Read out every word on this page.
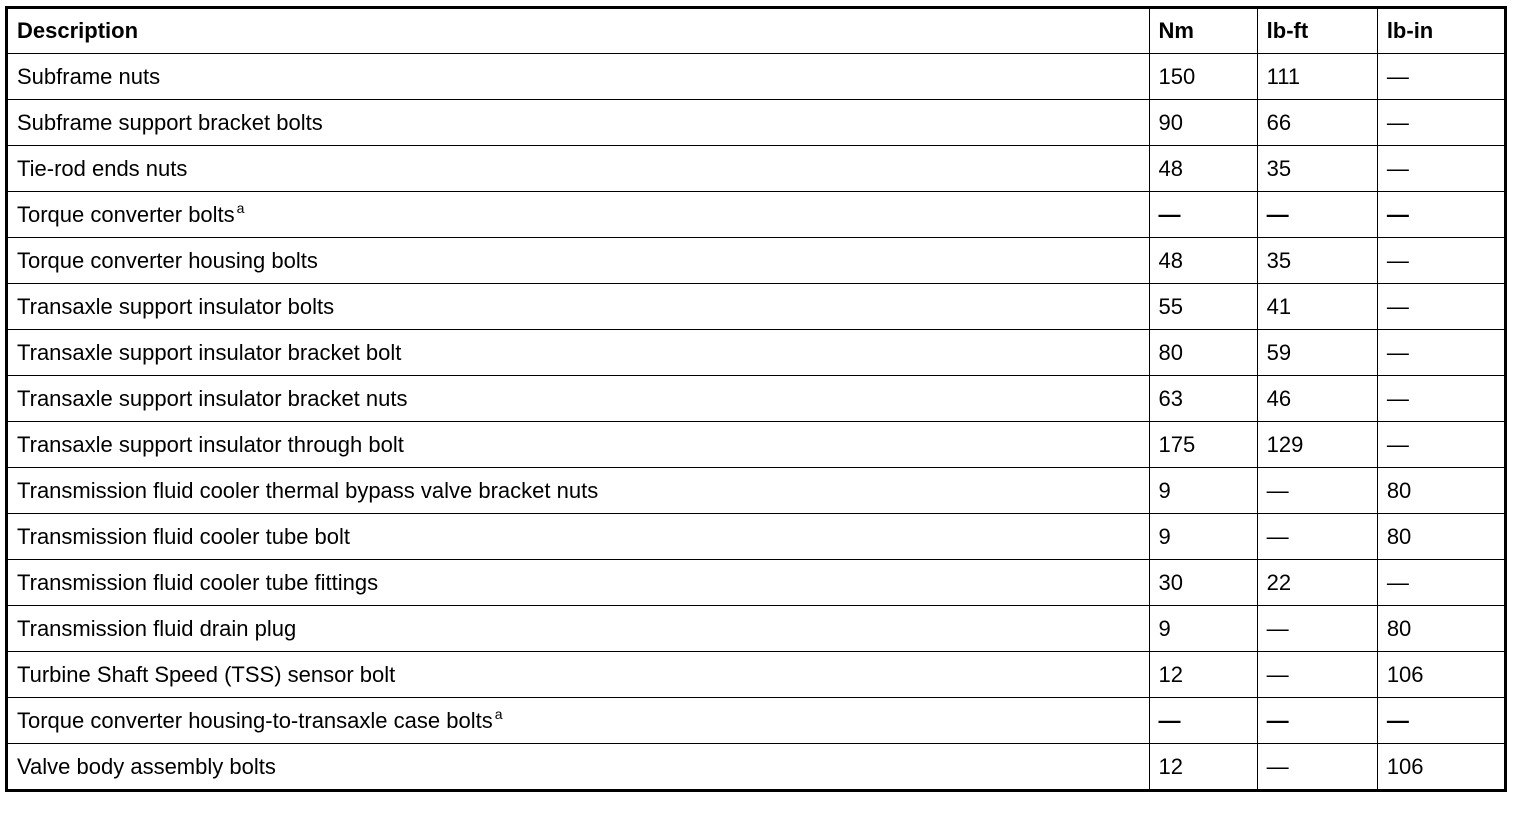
Description	Nm	lb-ft	lb-in
Subframe nuts	150	111	—
Subframe support bracket bolts	90	66	—
Tie-rod ends nuts	48	35	—
Torque converter bolts $^a$	—	—	—
Torque converter housing bolts	48	35	—
Transaxle support insulator bolts	55	41	—
Transaxle support insulator bracket bolt	80	59	—
Transaxle support insulator bracket nuts	63	46	—
Transaxle support insulator through bolt	175	129	—
Transmission fluid cooler thermal bypass valve bracket nuts	9	—	80
Transmission fluid cooler tube bolt	9	—	80
Transmission fluid cooler tube fittings	30	22	—
Transmission fluid drain plug	9	—	80
Turbine Shaft Speed (TSS) sensor bolt	12	—	106
Torque converter housing-to-transaxle case bolts $^a$	—	—	—
Valve body assembly bolts	12	—	106
